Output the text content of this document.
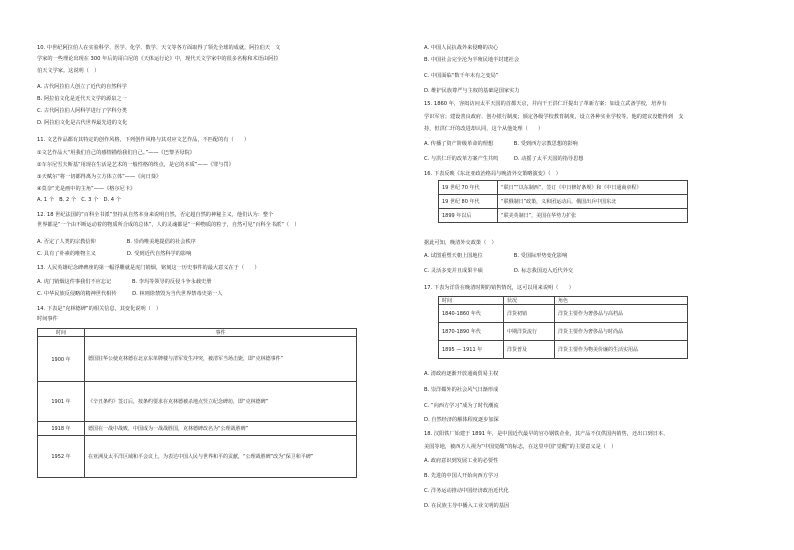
10. 中世纪阿拉伯人在实验科学、医学、化学、数学、天文等各方面取得了领先全球的成就。阿拉伯天　文
学家的一些理论出现在 300 年后的哥白尼的《天体运行论》中，现代天文学家中的很多名称和术语由阿拉
伯天文学家。这说明（　）
A. 古代阿拉伯人创立了近代的自然科学
B. 阿拉伯文化是近代天文学的源泉之一
C. 古代阿拉伯人阿科学进行了学科分类
D. 阿拉伯文化是古代世界最先进的文化
11. 文艺作品都有其特定的创作风格，下列创作风格与其对应文艺作品，不匹配的有（　　）
①文艺作品大“用我们自己的感情描绘我们自己。”——《巴黎圣母院》
②车尔尼雪夫斯基“用现在生活是艺术的一般性格的终点，是它的本质”——《罪与罚》
③天赋尔“将一切都得离为立方体立体”——《向日葵》
④莫奈“光是画中的主角”——《格尔尼卡》
A. 1 个　B. 2 个　C. 3 个　D. 4 个
12. 18 世纪法国的“百科全书派”坚持从自然本身来说明自然，否定超自然的神秘主义，他们认为：整个
世界都是“一个由不断运动着的物质所合成的总体”，人的灵魂都是“一种物质的粒子，自然可见“百科全书派”（　）
A. 否定了人类的宗教信仰　　　　　　B. 崇尚唯美地提倡的社会秩序
C. 具有了朴素的唯物主义　　　　　　D. 受到近代自然科学的影响
13. 人民英雄纪念碑碑座的第一幅浮雕就是虎门销烟，铭刻这一历史事件的最大意义在于（　　）
A. 虎门销烟这件事我们不应忘记　　　　B. 李玛等领导的反侵斗争永载史册
C. 中华民族反侵略的精神世代相传　　　D. 林则徐禁毁为当代世界禁毒史第一人
14. 下表是“克林德碑”的相关信息，其变化说明（　）
时间事件
时间	事件
1900 年	德国驻华公使克林德在北京东单牌楼与清军发生冲突，被清军当场击毙，即“克林德事件”
1901 年	《辛丑条约》签订后，按条约要求在克林德被杀地点竖立纪念碑坊，即“克林德碑”
1918 年	德国在一战中战败，中国成为一战战胜国，克林德碑改名为“公理战胜碑”
1952 年	在亚洲及太平洋区域和平会议上，为表达中国人民与世界和平的贡献，“公理战胜碑”改为“保卫和平碑”
A. 中国人民抗战外来侵略的决心
B. 中国社会完全沦为半殖民地半封建社会
C. 中国面临“数千年未有之变局”
D. 维护民族尊严与主权的基础是国家实力
15. 1860 年，容闳访问太平天国的首都天京，并向干王洪仁玕提出了革新方案：如设立武备学校，培养有
学识军官；建设善良政府、创办银行制度；颁定各级学校教育制度，设立各种实业学校等。他的建议没能得到　支
持，但洪仁玕的改进却认同，这个从他处理（　　）
A. 传播了资产阶级革命的理想　　　　B. 受到西方宗教思想的影响
C. 与洪仁玕的改革方案产生共鸣　　　D. 动摇了太平天国的指导思想
16. 下表反映《东北亚政治格局与晚清外交策略演变》（　）
19 世纪 70 年代	“联日”“以东制西”，签订《中日修好条规》和《中日通商章程》
19 世纪 80 年代	“联俄制日”政策，义和团运动后，俄国出兵中国东北
1899 年以后	“联美英制日”，美国在华势力扩张
据此可知，晚清外交政策（　）
A. 试图重塑天朝上国地位　　　　　　B. 受国际形势变化影响
C. 灵活多变并且成果丰硕　　　　　　D. 标志我国迈入近代外交
17. 下表为洋货在晚清时期的销售情况，这可以用来说明（　　）
时间	状况	角色
1840-1860 年代	洋货初销	洋货主要作为奢侈品与高档品
1870-1890 年代	中期洋货流行	洋货主要作为奢侈品与时尚品
1895 — 1911 年	洋货普及	洋货主要作为物美价廉的生活实用品
A. 清政府逐渐开放通商贸易主权
B. 崇洋媚外的社会风气日渐形成
C. “向西方学习”成为了时代潮流
D. 自然经济的解体程度逐步加深
18. 汉阳铁厂始建于 1891 年，是中国近代最早的官办钢铁企业，其产品不仅供国内销售，还出口到日本、
美国等地，被西方人视为“中国觉醒”的标志，在这里中国“觉醒”的主要意义是（　）
A. 政府意识到发展工业的必要性
B. 先进的中国人开始向西方学习
C. 洋务运动推动中国经济政治近代化
D. 在民族主导中播入工业文明的基因
